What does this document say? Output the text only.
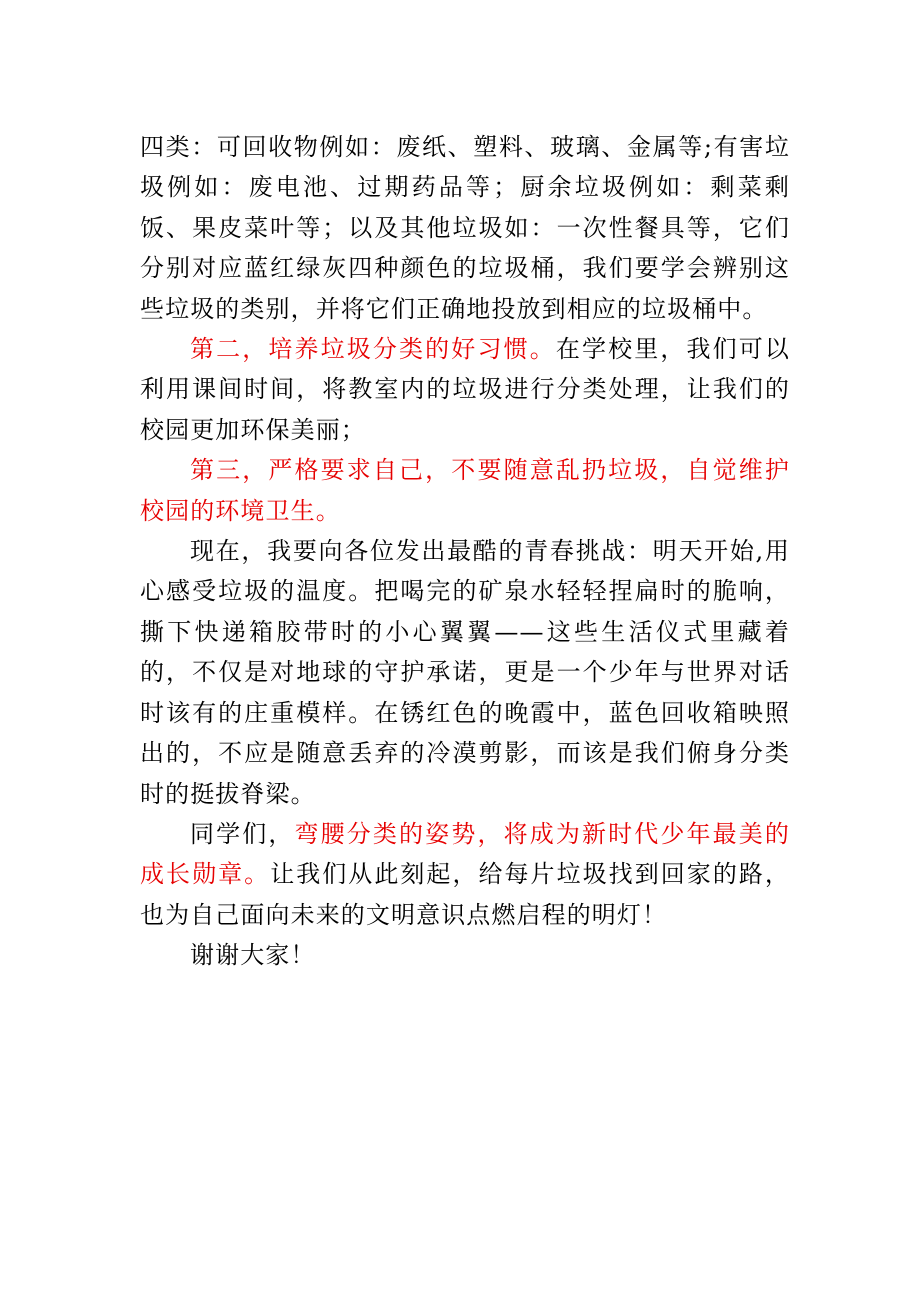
四类：可回收物例如：废纸、塑料、玻璃、金属等;有害垃圾例如：废电池、过期药品等；厨余垃圾例如：剩菜剩饭、果皮菜叶等；以及其他垃圾如：一次性餐具等，它们分别对应蓝红绿灰四种颜色的垃圾桶，我们要学会辨别这些垃圾的类别，并将它们正确地投放到相应的垃圾桶中。

第二，培养垃圾分类的好习惯。在学校里，我们可以利用课间时间，将教室内的垃圾进行分类处理，让我们的校园更加环保美丽；

第三，严格要求自己，不要随意乱扔垃圾，自觉维护校园的环境卫生。

现在，我要向各位发出最酷的青春挑战：明天开始,用心感受垃圾的温度。把喝完的矿泉水轻轻捏扁时的脆响，撕下快递箱胶带时的小心翼翼——这些生活仪式里藏着的，不仅是对地球的守护承诺，更是一个少年与世界对话时该有的庄重模样。在锈红色的晚霞中，蓝色回收箱映照出的，不应是随意丢弃的冷漠剪影，而该是我们俯身分类时的挺拔脊梁。

同学们，弯腰分类的姿势，将成为新时代少年最美的成长勋章。让我们从此刻起，给每片垃圾找到回家的路，也为自己面向未来的文明意识点燃启程的明灯！

谢谢大家！
